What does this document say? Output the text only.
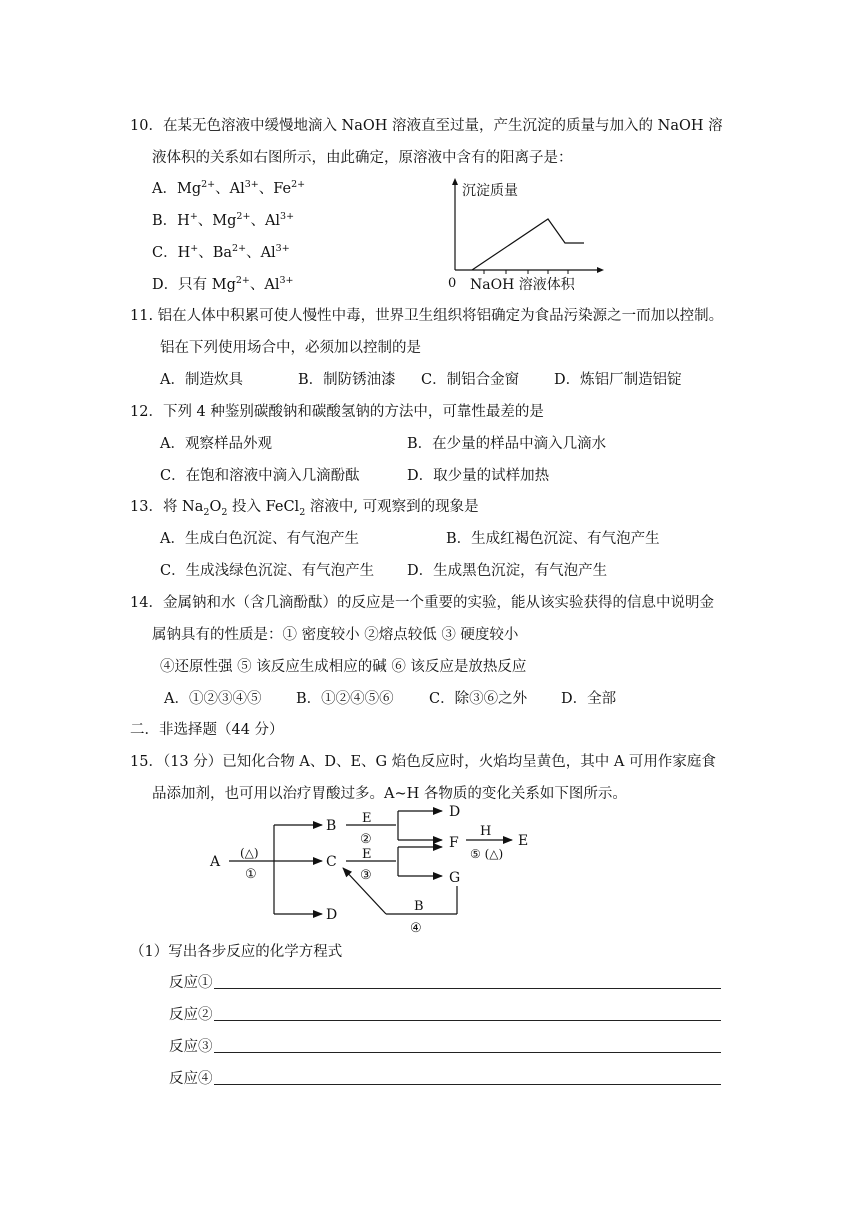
10．在某无色溶液中缓慢地滴入 NaOH 溶液直至过量，产生沉淀的质量与加入的 NaOH 溶
液体积的关系如右图所示，由此确定，原溶液中含有的阳离子是：
A．$Mg^{2+}$、$Al^{3+}$、$Fe^{2+}$
B．H+、$Mg^{2+}$、$Al^{3+}$
C．H+、$Ba^{2+}$、$Al^{3+}$
D．只有 $Mg^{2+}$、$Al^{3+}$
沉淀质量
0 NaOH 溶液体积
11. 铝在人体中积累可使人慢性中毒，世界卫生组织将铝确定为食品污染源之一而加以控制。
铝在下列使用场合中，必须加以控制的是
A．制造炊具	B．制防锈油漆 C．制铝合金窗 D．炼铝厂制造铝锭
12．下列 4 种鉴别碳酸钠和碳酸氢钠的方法中，可靠性最差的是
A．观察样品外观	B．在少量的样品中滴入几滴水
C．在饱和溶液中滴入几滴酚酞	D．取少量的试样加热
13．将 $Na_2O_2$ 投入 FeCl$_2$ 溶液中, 可观察到的现象是
A．生成白色沉淀、有气泡产生	B．生成红褐色沉淀、有气泡产生
C．生成浅绿色沉淀、有气泡产生 D．生成黑色沉淀，有气泡产生
14．金属钠和水（含几滴酚酞）的反应是一个重要的实验，能从该实验获得的信息中说明金
属钠具有的性质是：① 密度较小 ②熔点较低 ③ 硬度较小
④还原性强 ⑤ 该反应生成相应的碱 ⑥ 该反应是放热反应
A．①②③④⑤ B．①②④⑤⑥ C．除③⑥之外 D．全部
二．非选择题（44 分）
15．（13 分）已知化合物 A、D、E、G 焰色反应时，火焰均呈黄色，其中 A 可用作家庭食
品添加剂，也可用以治疗胃酸过多。A~H 各物质的变化关系如下图所示。
A
B
C
D
D
F
G
E
E
E
H
B
(△)
①
②
③
④
⑤ (△)
（1）写出各步反应的化学方程式
反应①
反应②
反应③
反应④
